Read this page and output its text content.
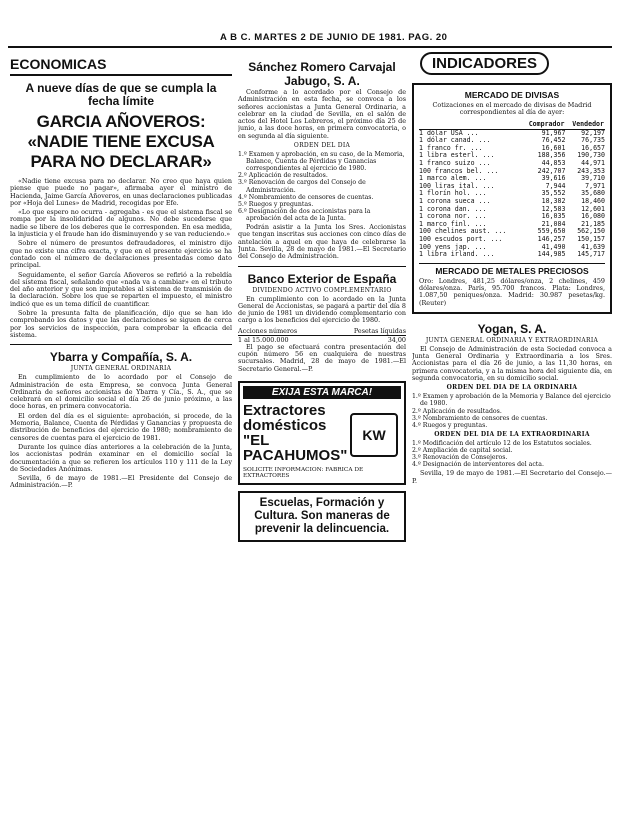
A B C. MARTES 2 DE JUNIO DE 1981. PAG. 20
ECONOMICAS
A nueve días de que se cumpla la fecha límite
GARCIA AÑOVEROS: «NADIE TIENE EXCUSA PARA NO DECLARAR»

«Nadie tiene excusa para no declarar. No creo que haya quien piense que puede no pagar», afirmaba ayer el ministro de Hacienda, Jaime García Añoveros, en unas declaraciones publicadas por «Hoja del Lunes» de Madrid, recogidas por Efe.

«Lo que espero no ocurra - agregaba - es que el sistema fiscal se rompa por la insolidaridad de algunos. No debe sucederse que nadie se libere de los deberes que le corresponden. En esa medida, la injusticia y el fraude han ido disminuyendo y se van reduciendo.»

Sobre el número de presuntos defraudadores, el ministro dijo que no existe una cifra exacta, y que en el presente ejercicio se ha contado con el número de declaraciones presentadas como dato principal.

Seguidamente, el señor García Añoveros se refirió a la rebeldía del sistema fiscal, señalando que «nada va a cambiar» en el tributo del año anterior y que son imputables al sistema de transmisión de la declaración. Sobre los que se reparten el impuesto, el ministro indicó que es un tema difícil de cuantificar.

Sobre la presunta falta de planificación, dijo que se han ido comprobando los datos y que las declaraciones se siguen de cerca por los servicios de inspección, para comprobar la eficacia del sistema.

Ybarra y Compañía, S. A.
JUNTA GENERAL ORDINARIA

En cumplimiento de lo acordado por el Consejo de Administración de esta Empresa, se convoca Junta General Ordinaria de señores accionistas de Ybarra y Cía., S. A., que se celebrará en el domicilio social el día 26 de junio próximo, a las doce horas, en primera convocatoria.

El orden del día es el siguiente: aprobación, si procede, de la Memoria, Balance, Cuenta de Pérdidas y Ganancias y propuesta de distribución de beneficios del ejercicio de 1980; nombramiento de censores de cuentas para el ejercicio de 1981.

Durante los quince días anteriores a la celebración de la Junta, los accionistas podrán examinar en el domicilio social la documentación a que se refieren los artículos 110 y 111 de la Ley de Sociedades Anónimas.

Sevilla, 6 de mayo de 1981.—El Presidente del Consejo de Administración.—P.

Sánchez Romero Carvajal Jabugo, S. A.

Conforme a lo acordado por el Consejo de Administración en esta fecha, se convoca a los señores accionistas a Junta General Ordinaria, a celebrar en la ciudad de Sevilla, en el salón de actos del Hotel Los Lebreros, el próximo día 25 de junio, a las doce horas, en primera convocatoria, o en segunda al día siguiente.

ORDEN DEL DIA
1.º Examen y aprobación, en su caso, de la Memoria, Balance, Cuenta de Pérdidas y Ganancias correspondientes al ejercicio de 1980.
2.º Aplicación de resultados.
3.º Renovación de cargos del Consejo de Administración.
4.º Nombramiento de censores de cuentas.
5.º Ruegos y preguntas.
6.º Designación de dos accionistas para la aprobación del acta de la Junta.

Podrán asistir a la Junta los Sres. Accionistas que tengan inscritas sus acciones con cinco días de antelación a aquel en que haya de celebrarse la Junta. Sevilla, 28 de mayo de 1981.—El Secretario del Consejo de Administración.

Banco Exterior de España
DIVIDENDO ACTIVO COMPLEMENTARIO

En cumplimiento con lo acordado en la Junta General de Accionistas, se pagará a partir del día 8 de junio de 1981 un dividendo complementario con cargo a los beneficios del ejercicio de 1980.

Acciones números	Pesetas líquidas
1 al 15.000.000	34,00

El pago se efectuará contra presentación del cupón número 56 en cualquiera de nuestras sucursales. Madrid, 28 de mayo de 1981.—El Secretario General.—P.

EXIJA ESTA MARCA!
Extractores domésticos "EL PACAHUMOS"
SOLICITE INFORMACION: FABRICA DE EXTRACTORES
KW
Escuelas, Formación y Cultura. Son maneras de prevenir la delincuencia.
INDICADORES
MERCADO DE DIVISAS

Cotizaciones en el mercado de divisas de Madrid correspondientes al día de ayer:

	Comprador	Vendedor
1 dólar USA ...	91,967	92,197
1 dólar canad. ...	76,452	76,735
1 franco fr. ...	16,601	16,657
1 libra esterl. ...	188,356	190,730
1 franco suizo ...	44,853	44,971
100 francos bel. ...	242,707	243,353
1 marco alem. ...	39,616	39,710
100 liras ital. ...	7,944	7,971
1 florín hol. ...	35,552	35,680
1 corona sueca ...	18,382	18,460
1 corona dan. ...	12,583	12,601
1 corona nor. ...	16,035	16,080
1 marco finl. ...	21,084	21,185
100 chelines aust. ...	559,650	562,150
100 escudos port. ...	146,257	150,157
100 yens jap. ...	41,490	41,639
1 libra irland. ...	144,985	145,717
MERCADO DE METALES PRECIOSOS

Oro: Londres, 481,25 dólares/onza, 2 chelines, 459 dólares/onza. París, 95.700 francos. Plata: Londres, 1.087,50 peniques/onza. Madrid: 30.987 pesetas/kg. (Reuter)

Yogan, S. A.
JUNTA GENERAL ORDINARIA Y EXTRAORDINARIA

El Consejo de Administración de esta Sociedad convoca a Junta General Ordinaria y Extraordinaria a los Sres. Accionistas para el día 26 de junio, a las 11,30 horas, en primera convocatoria, y a la misma hora del siguiente día, en segunda convocatoria, en su domicilio social.

ORDEN DEL DIA DE LA ORDINARIA
1.º Examen y aprobación de la Memoria y Balance del ejercicio de 1980.
2.º Aplicación de resultados.
3.º Nombramiento de censores de cuentas.
4.º Ruegos y preguntas.
ORDEN DEL DIA DE LA EXTRAORDINARIA
1.º Modificación del artículo 12 de los Estatutos sociales.
2.º Ampliación de capital social.
3.º Renovación de Consejeros.
4.º Designación de interventores del acta.

Sevilla, 19 de mayo de 1981.—El Secretario del Consejo.—P.
